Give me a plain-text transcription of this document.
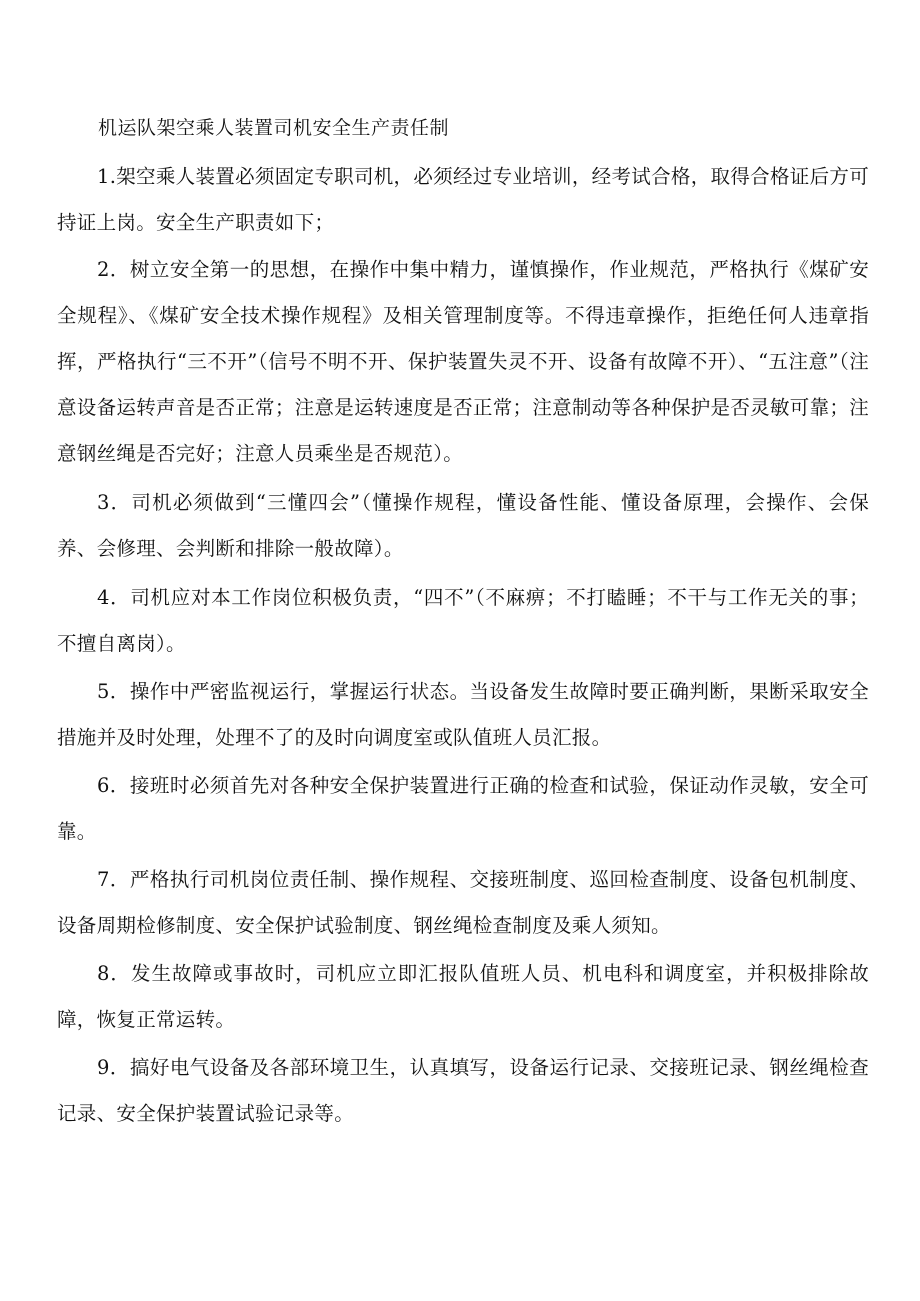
机运队架空乘人装置司机安全生产责任制

1.架空乘人装置必须固定专职司机，必须经过专业培训，经考试合格，取得合格证后方可持证上岗。安全生产职责如下；

2．树立安全第一的思想，在操作中集中精力，谨慎操作，作业规范，严格执行《煤矿安全规程》、《煤矿安全技术操作规程》及相关管理制度等。不得违章操作，拒绝任何人违章指挥，严格执行“三不开”（信号不明不开、保护装置失灵不开、设备有故障不开）、“五注意”（注意设备运转声音是否正常；注意是运转速度是否正常；注意制动等各种保护是否灵敏可靠；注意钢丝绳是否完好；注意人员乘坐是否规范）。

3．司机必须做到“三懂四会”（懂操作规程，懂设备性能、懂设备原理，会操作、会保养、会修理、会判断和排除一般故障）。

4．司机应对本工作岗位积极负责，“四不”（不麻痹；不打瞌睡；不干与工作无关的事；不擅自离岗）。

5．操作中严密监视运行，掌握运行状态。当设备发生故障时要正确判断，果断采取安全措施并及时处理，处理不了的及时向调度室或队值班人员汇报。

6．接班时必须首先对各种安全保护装置进行正确的检查和试验，保证动作灵敏，安全可靠。

7．严格执行司机岗位责任制、操作规程、交接班制度、巡回检查制度、设备包机制度、设备周期检修制度、安全保护试验制度、钢丝绳检查制度及乘人须知。

8．发生故障或事故时，司机应立即汇报队值班人员、机电科和调度室，并积极排除故障，恢复正常运转。

9．搞好电气设备及各部环境卫生，认真填写，设备运行记录、交接班记录、钢丝绳检查记录、安全保护装置试验记录等。
